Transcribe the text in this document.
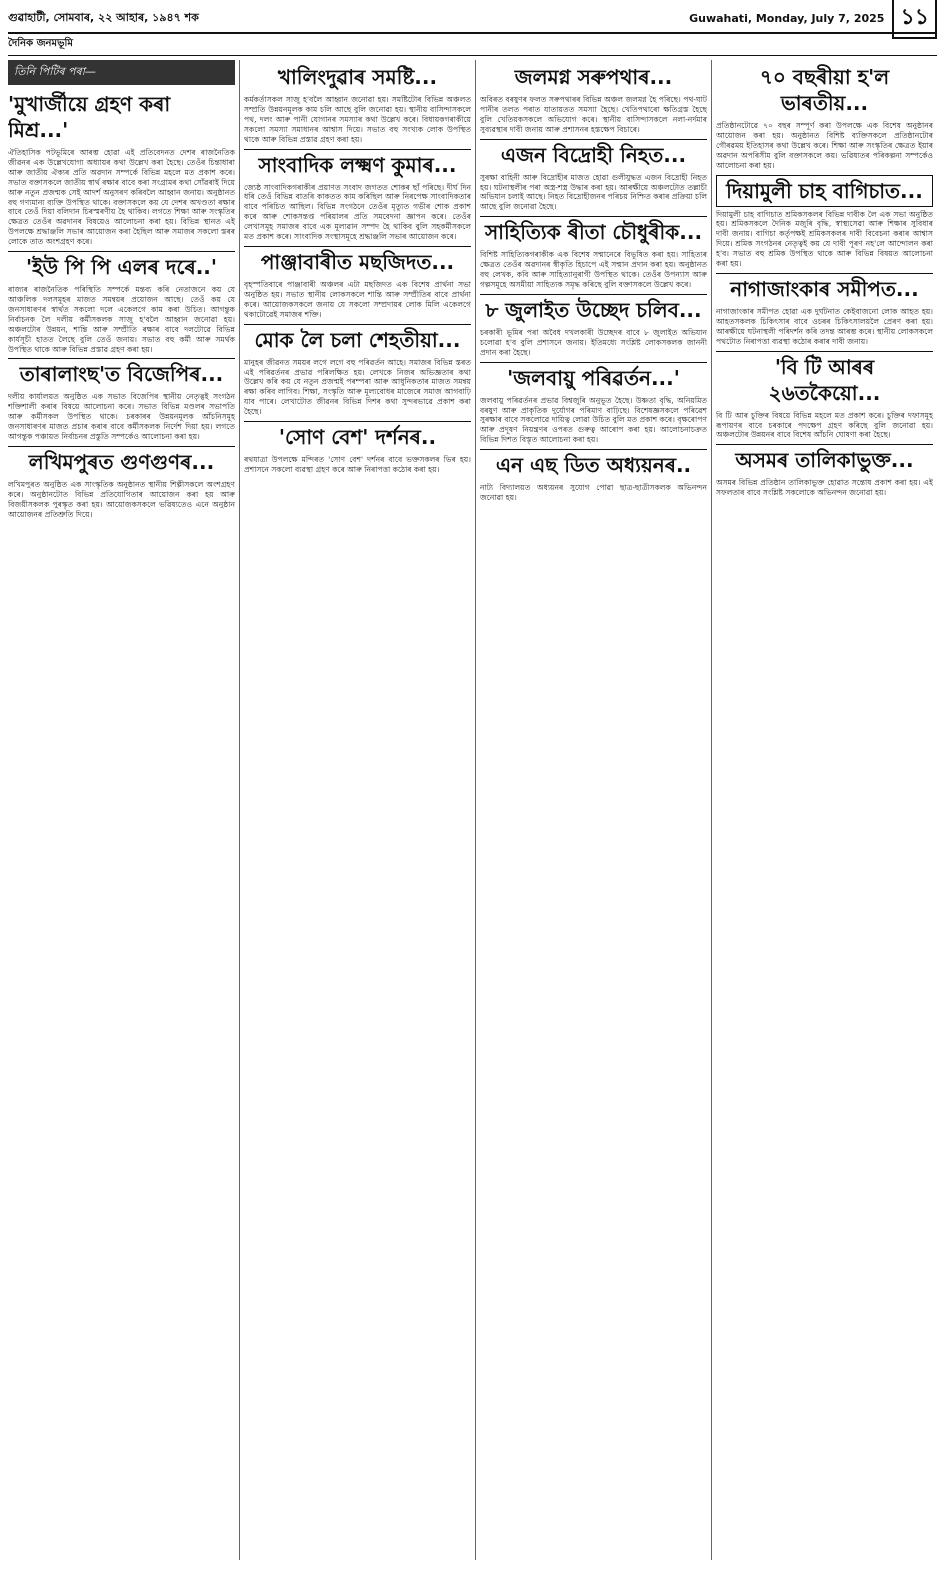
গুৱাহাটী, সোমবাৰ, ২২ আহাৰ, ১৯৪৭ শক	Guwahati, Monday, July 7, 2025 ১১
দৈনিক জনমভূমি
তিনি পিটিৰ পৰা—
'মুখাৰ্জীয়ে গ্ৰহণ কৰা মিশ্ৰ...'

ঐতিহাসিক পটভূমিৰে আৰম্ভ হোৱা এই প্ৰতিবেদনত দেশৰ ৰাজনৈতিক জীৱনৰ এক উল্লেখযোগ্য অধ্যায়ৰ কথা উল্লেখ কৰা হৈছে। তেওঁৰ চিন্তাধাৰা আৰু জাতীয় ঐক্যৰ প্ৰতি অৱদান সম্পৰ্কে বিভিন্ন মহলে মত প্ৰকাশ কৰে। সভাত বক্তাসকলে জাতীয় স্বাৰ্থ ৰক্ষাৰ বাবে কৰা সংগ্ৰামৰ কথা সোঁৱৰাই দিয়ে আৰু নতুন প্ৰজন্মক সেই আদৰ্শ অনুসৰণ কৰিবলৈ আহ্বান জনায়। অনুষ্ঠানত বহু গণ্যমান্য ব্যক্তি উপস্থিত থাকে। বক্তাসকলে কয় যে দেশৰ অখণ্ডতা ৰক্ষাৰ বাবে তেওঁ দিয়া বলিদান চিৰস্মৰণীয় হৈ থাকিব। লগতে শিক্ষা আৰু সংস্কৃতিৰ ক্ষেত্ৰত তেওঁৰ অৱদানৰ বিষয়েও আলোচনা কৰা হয়। বিভিন্ন স্থানত এই উপলক্ষে শ্ৰদ্ধাঞ্জলি সভাৰ আয়োজন কৰা হৈছিল আৰু সমাজৰ সকলো স্তৰৰ লোকে তাত অংশগ্ৰহণ কৰে।

'ইউ পি পি এলৰ দৰে..'

ৰাজ্যৰ ৰাজনৈতিক পৰিস্থিতি সম্পৰ্কে মন্তব্য কৰি নেতাজনে কয় যে আঞ্চলিক দলসমূহৰ মাজত সমন্বয়ৰ প্ৰয়োজন আছে। তেওঁ কয় যে জনসাধাৰণৰ স্বাৰ্থত সকলো দলে একেলগে কাম কৰা উচিত। আগন্তুক নিৰ্বাচনক লৈ দলীয় কৰ্মীসকলক সাজু হ'বলৈ আহ্বান জনোৱা হয়। অঞ্চলটোৰ উন্নয়ন, শান্তি আৰু সম্প্ৰীতি ৰক্ষাৰ বাবে দলটোৱে বিভিন্ন কাৰ্যসূচী হাতত লৈছে বুলি তেওঁ জনায়। সভাত বহু কৰ্মী আৰু সমৰ্থক উপস্থিত থাকে আৰু বিভিন্ন প্ৰস্তাৱ গ্ৰহণ কৰা হয়।

তাৰালাংছ'ত বিজেপিৰ...

দলীয় কাৰ্যালয়ত অনুষ্ঠিত এক সভাত বিজেপিৰ স্থানীয় নেতৃত্বই সংগঠন শক্তিশালী কৰাৰ বিষয়ে আলোচনা কৰে। সভাত বিভিন্ন মণ্ডলৰ সভাপতি আৰু কৰ্মীসকল উপস্থিত থাকে। চৰকাৰৰ উন্নয়নমূলক আঁচনিসমূহ জনসাধাৰণৰ মাজত প্ৰচাৰ কৰাৰ বাবে কৰ্মীসকলক নিৰ্দেশ দিয়া হয়। লগতে আগন্তুক পঞ্চায়ত নিৰ্বাচনৰ প্ৰস্তুতি সম্পৰ্কেও আলোচনা কৰা হয়।

লখিমপুৰত গুণগুণৰ...

লখিমপুৰত অনুষ্ঠিত এক সাংস্কৃতিক অনুষ্ঠানত স্থানীয় শিল্পীসকলে অংশগ্ৰহণ কৰে। অনুষ্ঠানটোত বিভিন্ন প্ৰতিযোগিতাৰ আয়োজন কৰা হয় আৰু বিজয়ীসকলক পুৰস্কৃত কৰা হয়। আয়োজকসকলে ভৱিষ্যতেও এনে অনুষ্ঠান আয়োজনৰ প্ৰতিশ্ৰুতি দিয়ে।

খালিংদুৱাৰ সমষ্টি...

কৰ্মকৰ্তাসকল সাজু হ'বলৈ আহ্বান জনোৱা হয়। সমষ্টিটোৰ বিভিন্ন অঞ্চলত সম্প্ৰতি উন্নয়নমূলক কাম চলি আছে বুলি জনোৱা হয়। স্থানীয় বাসিন্দাসকলে পথ, দলং আৰু পানী যোগানৰ সমস্যাৰ কথা উল্লেখ কৰে। বিধায়কগৰাকীয়ে সকলো সমস্যা সমাধানৰ আশ্বাস দিয়ে। সভাত বহু সংখ্যক লোক উপস্থিত থাকে আৰু বিভিন্ন প্ৰস্তাৱ গ্ৰহণ কৰা হয়।

সাংবাদিক লক্ষ্মণ কুমাৰ...

জ্যেষ্ঠ সাংবাদিকগৰাকীৰ প্ৰয়াণত সংবাদ জগতত শোকৰ ছাঁ পৰিছে। দীৰ্ঘ দিন ধৰি তেওঁ বিভিন্ন বাতৰি কাকতত কাম কৰিছিল আৰু নিৰপেক্ষ সাংবাদিকতাৰ বাবে পৰিচিত আছিল। বিভিন্ন সংগঠনে তেওঁৰ মৃত্যুত গভীৰ শোক প্ৰকাশ কৰে আৰু শোকসন্তপ্ত পৰিয়ালৰ প্ৰতি সমবেদনা জ্ঞাপন কৰে। তেওঁৰ লেখাসমূহ সমাজৰ বাবে এক মূল্যৱান সম্পদ হৈ থাকিব বুলি সহকৰ্মীসকলে মত প্ৰকাশ কৰে। সাংবাদিক সংস্থাসমূহে শ্ৰদ্ধাঞ্জলি সভাৰ আয়োজন কৰে।

পাঞ্জাবাৰীত মছজিদত...

বৃহস্পতিবাৰে পাঞ্জাবাৰী অঞ্চলৰ এটা মছজিদত এক বিশেষ প্ৰাৰ্থনা সভা অনুষ্ঠিত হয়। সভাত স্থানীয় লোকসকলে শান্তি আৰু সম্প্ৰীতিৰ বাবে প্ৰাৰ্থনা কৰে। আয়োজকসকলে জনায় যে সকলো সম্প্ৰদায়ৰ লোক মিলি একেলগে থকাটোৱেই সমাজৰ শক্তি।

মোক লৈ চলা শেহতীয়া...

মানুহৰ জীৱনত সময়ৰ লগে লগে বহু পৰিৱৰ্তন আহে। সমাজৰ বিভিন্ন স্তৰত এই পৰিৱৰ্তনৰ প্ৰভাৱ পৰিলক্ষিত হয়। লেখকে নিজৰ অভিজ্ঞতাৰ কথা উল্লেখ কৰি কয় যে নতুন প্ৰজন্মই পৰম্পৰা আৰু আধুনিকতাৰ মাজত সমন্বয় ৰক্ষা কৰিব লাগিব। শিক্ষা, সংস্কৃতি আৰু মূল্যবোধৰ মাজেৰে সমাজ আগবাঢ়ি যাব পাৰে। লেখাটোত জীৱনৰ বিভিন্ন দিশৰ কথা সুন্দৰভাৱে প্ৰকাশ কৰা হৈছে।

'সোণ বেশ' দৰ্শনৰ..

ৰথযাত্ৰা উপলক্ষে মন্দিৰত 'সোণ বেশ' দৰ্শনৰ বাবে ভক্তসকলৰ ভিৰ হয়। প্ৰশাসনে সকলো ব্যৱস্থা গ্ৰহণ কৰে আৰু নিৰাপত্তা কঠোৰ কৰা হয়।

জলমগ্ন সৰুপথাৰ...

অবিৰত বৰষুণৰ ফলত সৰুপথাৰৰ বিভিন্ন অঞ্চল জলমগ্ন হৈ পৰিছে। পথ-ঘাট পানীৰ তলত পৰাত যাতায়তত সমস্যা হৈছে। খেতিপথাৰো ক্ষতিগ্ৰস্ত হৈছে বুলি খেতিয়কসকলে অভিযোগ কৰে। স্থানীয় বাসিন্দাসকলে নলা-নৰ্দমাৰ সুব্যৱস্থাৰ দাবী জনায় আৰু প্ৰশাসনৰ হস্তক্ষেপ বিচাৰে।

এজন বিদ্ৰোহী নিহত...

সুৰক্ষা বাহিনী আৰু বিদ্ৰোহীৰ মাজত হোৱা গুলীযুদ্ধত এজন বিদ্ৰোহী নিহত হয়। ঘটনাস্থলীৰ পৰা অস্ত্ৰ-শস্ত্ৰ উদ্ধাৰ কৰা হয়। আৰক্ষীয়ে অঞ্চলটোত তল্লাচী অভিযান চলাই আছে। নিহত বিদ্ৰোহীজনৰ পৰিচয় নিশ্চিত কৰাৰ প্ৰক্ৰিয়া চলি আছে বুলি জনোৱা হৈছে।

সাহিত্যিক ৰীতা চৌধুৰীক...

বিশিষ্ট সাহিত্যিকগৰাকীক এক বিশেষ সন্মানেৰে বিভূষিত কৰা হয়। সাহিত্যৰ ক্ষেত্ৰত তেওঁৰ অৱদানৰ স্বীকৃতি হিচাপে এই সন্মান প্ৰদান কৰা হয়। অনুষ্ঠানত বহু লেখক, কবি আৰু সাহিত্যানুৰাগী উপস্থিত থাকে। তেওঁৰ উপন্যাস আৰু গল্পসমূহে অসমীয়া সাহিত্যক সমৃদ্ধ কৰিছে বুলি বক্তাসকলে উল্লেখ কৰে।

৮ জুলাইত উচ্ছেদ চলিব...

চৰকাৰী ভূমিৰ পৰা অবৈধ দখলকাৰী উচ্ছেদৰ বাবে ৮ জুলাইত অভিযান চলোৱা হ'ব বুলি প্ৰশাসনে জনায়। ইতিমধ্যে সংশ্লিষ্ট লোকসকলক জাননী প্ৰদান কৰা হৈছে।

'জলবায়ু পৰিৱৰ্তন...'

জলবায়ু পৰিৱৰ্তনৰ প্ৰভাৱ বিশ্বজুৰি অনুভূত হৈছে। উষ্ণতা বৃদ্ধি, অনিয়মিত বৰষুণ আৰু প্ৰাকৃতিক দুৰ্যোগৰ পৰিমাণ বাঢ়িছে। বিশেষজ্ঞসকলে পৰিৱেশ সুৰক্ষাৰ বাবে সকলোৱে দায়িত্ব লোৱা উচিত বুলি মত প্ৰকাশ কৰে। বৃক্ষৰোপণ আৰু প্ৰদূষণ নিয়ন্ত্ৰণৰ ওপৰত গুৰুত্ব আৰোপ কৰা হয়। আলোচনাচক্ৰত বিভিন্ন দিশত বিস্তৃত আলোচনা কৰা হয়।

এন এছ ডিত অধ্যয়নৰ..

নাট্য বিদ্যালয়ত অধ্যয়নৰ সুযোগ পোৱা ছাত্ৰ-ছাত্ৰীসকলক অভিনন্দন জনোৱা হয়।

৭০ বছৰীয়া হ'ল ভাৰতীয়...

প্ৰতিষ্ঠানটোৱে ৭০ বছৰ সম্পূৰ্ণ কৰা উপলক্ষে এক বিশেষ অনুষ্ঠানৰ আয়োজন কৰা হয়। অনুষ্ঠানত বিশিষ্ট ব্যক্তিসকলে প্ৰতিষ্ঠানটোৰ গৌৰৱময় ইতিহাসৰ কথা উল্লেখ কৰে। শিক্ষা আৰু সংস্কৃতিৰ ক্ষেত্ৰত ইয়াৰ অৱদান অপৰিসীম বুলি বক্তাসকলে কয়। ভৱিষ্যতৰ পৰিকল্পনা সম্পৰ্কেও আলোচনা কৰা হয়।

দিয়ামুলী চাহ বাগিচাত...

দিয়ামুলী চাহ বাগিচাত শ্ৰমিকসকলৰ বিভিন্ন দাবীক লৈ এক সভা অনুষ্ঠিত হয়। শ্ৰমিকসকলে দৈনিক মজুৰি বৃদ্ধি, স্বাস্থ্যসেৱা আৰু শিক্ষাৰ সুবিধাৰ দাবী জনায়। বাগিচা কৰ্তৃপক্ষই শ্ৰমিকসকলৰ দাবী বিবেচনা কৰাৰ আশ্বাস দিয়ে। শ্ৰমিক সংগঠনৰ নেতৃত্বই কয় যে দাবী পূৰণ নহ'লে আন্দোলন কৰা হ'ব। সভাত বহু শ্ৰমিক উপস্থিত থাকে আৰু বিভিন্ন বিষয়ত আলোচনা কৰা হয়।

নাগাজাংকাৰ সমীপত...

নাগাজাংকাৰ সমীপত হোৱা এক দুৰ্ঘটনাত কেইবাজনো লোক আহত হয়। আহতসকলক চিকিৎসাৰ বাবে ওচৰৰ চিকিৎসালয়লৈ প্ৰেৰণ কৰা হয়। আৰক্ষীয়ে ঘটনাস্থলী পৰিদৰ্শন কৰি তদন্ত আৰম্ভ কৰে। স্থানীয় লোকসকলে পথটোত নিৰাপত্তা ব্যৱস্থা কঠোৰ কৰাৰ দাবী জনায়।

'বি টি আৰৰ ২৬তকৈয়ো...

বি টি আৰ চুক্তিৰ বিষয়ে বিভিন্ন মহলে মত প্ৰকাশ কৰে। চুক্তিৰ দফাসমূহ ৰূপায়ণৰ বাবে চৰকাৰে পদক্ষেপ গ্ৰহণ কৰিছে বুলি জনোৱা হয়। অঞ্চলটোৰ উন্নয়নৰ বাবে বিশেষ আঁচনি ঘোষণা কৰা হৈছে।

অসমৰ তালিকাভুক্ত...

অসমৰ বিভিন্ন প্ৰতিষ্ঠান তালিকাভুক্ত হোৱাত সন্তোষ প্ৰকাশ কৰা হয়। এই সফলতাৰ বাবে সংশ্লিষ্ট সকলোকে অভিনন্দন জনোৱা হয়।
